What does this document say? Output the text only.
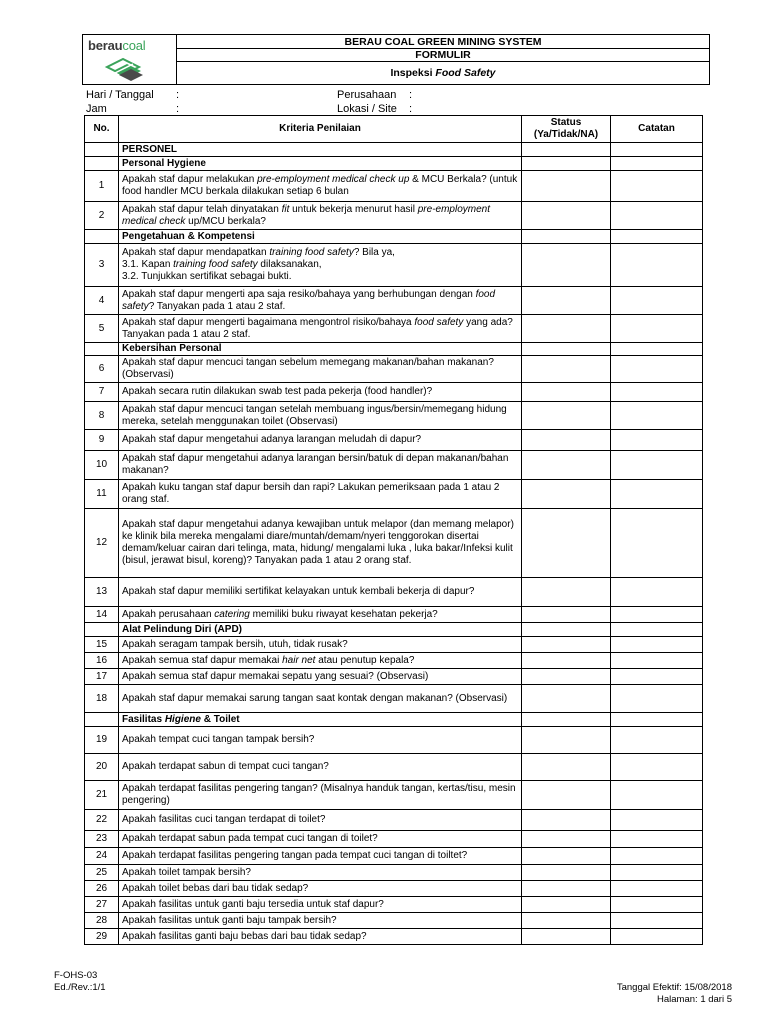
beraucoal	BERAU COAL GREEN MINING SYSTEM
FORMULIR
Inspeksi
Food Safety
Hari / Tanggal :
Jam	:
Perusahaan :
Lokasi / Site :
No.	Kriteria Penilaian	Status (Ya/Tidak/NA)	Catatan
	PERSONEL		
	Personal Hygiene		
1	Apakah staf dapur melakukan pre-employment medical check up & MCU Berkala? (untuk food handler MCU berkala dilakukan setiap 6 bulan		
2	Apakah staf dapur telah dinyatakan fit untuk bekerja menurut hasil pre-employment medical check up/MCU berkala?		
	Pengetahuan & Kompetensi		
3	Apakah staf dapur mendapatkan training food safety? Bila ya,
3.1. Kapan training food safety dilaksanakan,
3.2. Tunjukkan sertifikat sebagai bukti.		
4	Apakah staf dapur mengerti apa saja resiko/bahaya yang berhubungan dengan food safety? Tanyakan pada 1 atau 2 staf.		
5	Apakah staf dapur mengerti bagaimana mengontrol risiko/bahaya food safety yang ada? Tanyakan pada 1 atau 2 staf.		
	Kebersihan Personal		
6	Apakah staf dapur mencuci tangan sebelum memegang makanan/bahan makanan? (Observasi)		
7	Apakah secara rutin dilakukan swab test pada pekerja (food handler)?		
8	Apakah staf dapur mencuci tangan setelah membuang ingus/bersin/memegang hidung mereka, setelah menggunakan toilet (Observasi)		
9	Apakah staf dapur mengetahui adanya larangan meludah di dapur?		
10	Apakah staf dapur mengetahui adanya larangan bersin/batuk di depan makanan/bahan makanan?		
11	Apakah kuku tangan staf dapur bersih dan rapi? Lakukan pemeriksaan pada 1 atau 2 orang staf.		
12	Apakah staf dapur mengetahui adanya kewajiban untuk melapor (dan memang melapor) ke klinik bila mereka mengalami diare/muntah/demam/nyeri tenggorokan disertai demam/keluar cairan dari telinga, mata, hidung/ mengalami luka , luka bakar/Infeksi kulit (bisul, jerawat bisul, koreng)? Tanyakan pada 1 atau 2 orang staf.		
13	Apakah staf dapur memiliki sertifikat kelayakan untuk kembali bekerja di dapur?		
14	Apakah perusahaan catering memiliki buku riwayat kesehatan pekerja?		
	Alat Pelindung Diri (APD)		
15	Apakah seragam tampak bersih, utuh, tidak rusak?		
16	Apakah semua staf dapur memakai hair net atau penutup kepala?		
17	Apakah semua staf dapur memakai sepatu yang sesuai? (Observasi)		
18	Apakah staf dapur memakai sarung tangan saat kontak dengan makanan? (Observasi)		
	Fasilitas Higiene & Toilet		
19	Apakah tempat cuci tangan tampak bersih?		
20	Apakah terdapat sabun di tempat cuci tangan?		
21	Apakah terdapat fasilitas pengering tangan? (Misalnya handuk tangan, kertas/tisu, mesin pengering)		
22	Apakah fasilitas cuci tangan terdapat di toilet?		
23	Apakah terdapat sabun pada tempat cuci tangan di toilet?		
24	Apakah terdapat fasilitas pengering tangan pada tempat cuci tangan di toiltet?		
25	Apakah toilet tampak bersih?		
26	Apakah toilet bebas dari bau tidak sedap?		
27	Apakah fasilitas untuk ganti baju tersedia untuk staf dapur?		
28	Apakah fasilitas untuk ganti baju tampak bersih?		
29	Apakah fasilitas ganti baju bebas dari bau tidak sedap?		
F-OHS-03
Ed./Rev.:1/1	Tanggal Efektif: 15/08/2018
Halaman: 1 dari 5
